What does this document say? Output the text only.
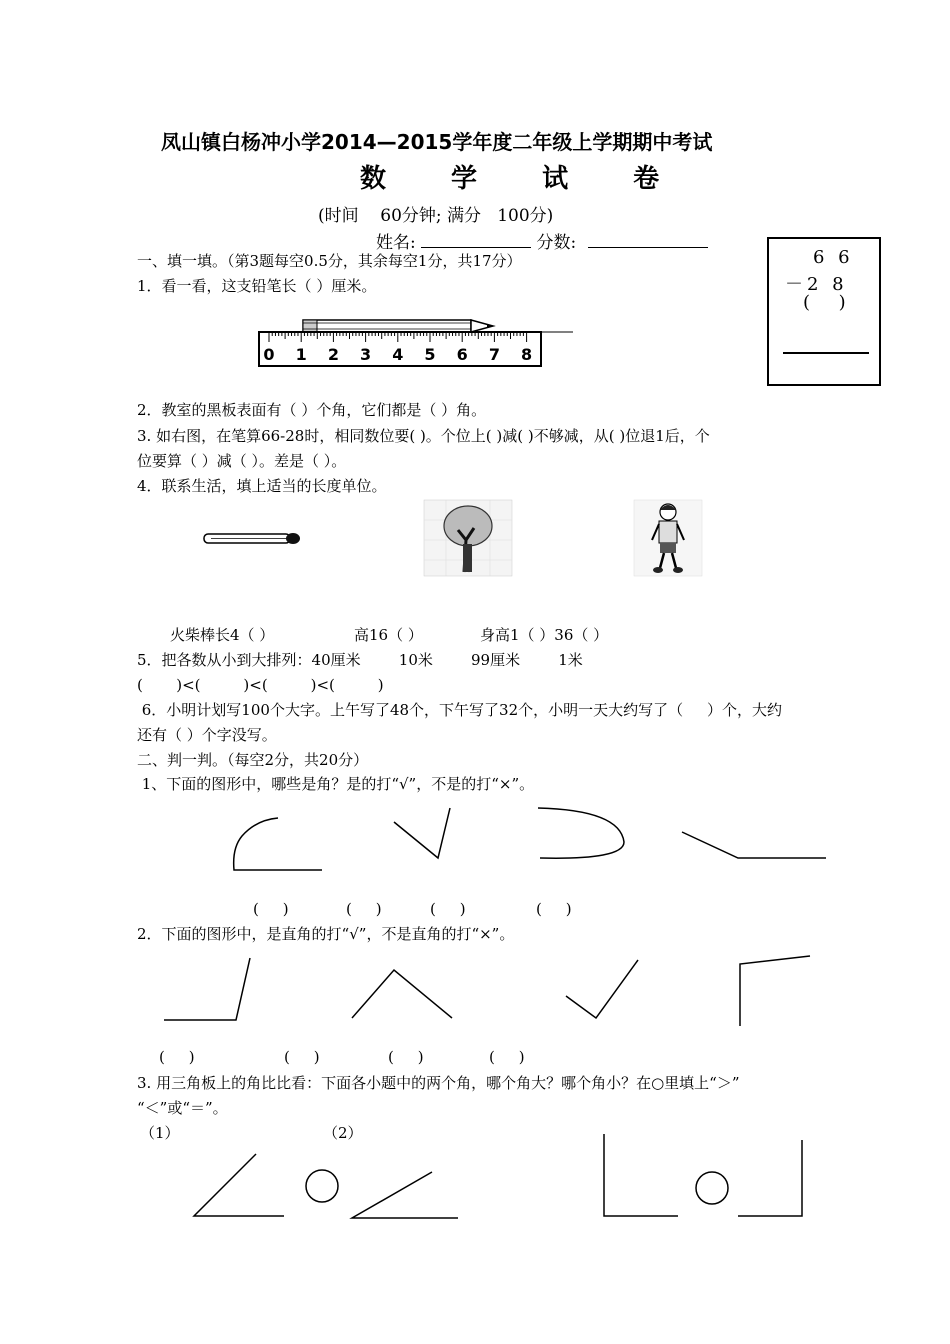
凤山镇白杨冲小学2014—2015学年度二年级上学期期中考试
数 学 试 卷
(时间    60分钟; 满分   100分)
姓名:	分数:
6 6
－2 8
(     )
一、填一填。（第3题每空0.5分，其余每空1分，共17分）
1．看一看，这支铅笔长（ ）厘米。
0 1 2 3 4 5 6 7 8
2．教室的黑板表面有（ ）个角，它们都是（ ）角。
3. 如右图，在笔算66-28时，相同数位要( )。个位上( )减( )不够减，从( )位退1后，个
位要算（ ）减（ ）。差是（ ）。
4．联系生活，填上适当的长度单位。
火柴棒长4（ ）	高16（ ）	身高1（ ）36（ ）
5．把各数从小到大排列：40厘米        10米        99厘米        1米
(       )<(         )<(         )<(         )
6．小明计划写100个大字。上午写了48个，下午写了32个，小明一天大约写了（     ）个，大约
还有（ ）个字没写。
二、判一判。（每空2分，共20分）
1、下面的图形中，哪些是角？是的打“√”，不是的打“×”。
(     )	(     )	(     )	(     )
2．下面的图形中，是直角的打“√”，不是直角的打“×”。
(     )	(     )	(     )	(     )
3. 用三角板上的角比比看：下面各小题中的两个角，哪个角大？哪个角小？在○里填上“＞”
“＜”或“＝”。
（1）	（2）
